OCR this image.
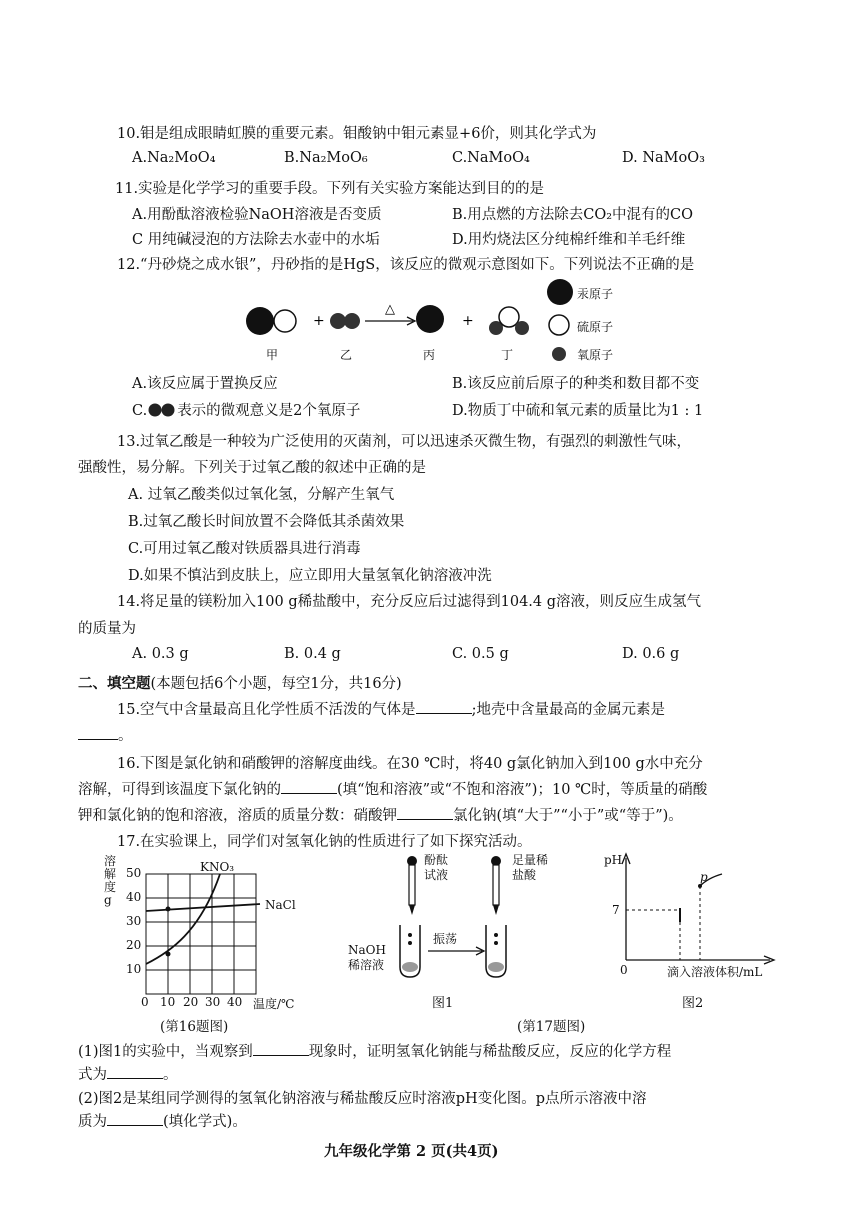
10.钼是组成眼睛虹膜的重要元素。钼酸钠中钼元素显+6价，则其化学式为
A.Na₂MoO₄	B.Na₂MoO₆	C.NaMoO₄	D. NaMoO₃
11.实验是化学学习的重要手段。下列有关实验方案能达到目的的是
A.用酚酞溶液检验NaOH溶液是否变质	B.用点燃的方法除去CO₂中混有的CO
C 用纯碱浸泡的方法除去水壶中的水垢	D.用灼烧法区分纯棉纤维和羊毛纤维
12.“丹砂烧之成水银”，丹砂指的是HgS，该反应的微观示意图如下。下列说法不正确的是
+
△
+
汞原子
硫原子
氧原子
甲	乙	丙	丁
A.该反应属于置换反应	B.该反应前后原子的种类和数目都不变
C. 表示的微观意义是2个氧原子	D.物质丁中硫和氧元素的质量比为1 : 1
13.过氧乙酸是一种较为广泛使用的灭菌剂，可以迅速杀灭微生物，有强烈的刺激性气味，
强酸性，易分解。下列关于过氧乙酸的叙述中正确的是
A. 过氧乙酸类似过氧化氢，分解产生氧气
B.过氧乙酸长时间放置不会降低其杀菌效果
C.可用过氧乙酸对铁质器具进行消毒
D.如果不慎沾到皮肤上，应立即用大量氢氧化钠溶液冲洗
14.将足量的镁粉加入100 g稀盐酸中，充分反应后过滤得到104.4 g溶液，则反应生成氢气
的质量为
A. 0.3 g	B. 0.4 g	C. 0.5 g	D. 0.6 g
二、填空题(本题包括6个小题，每空1分，共16分)
15.空气中含量最高且化学性质不活泼的气体是	;地壳中含量最高的金属元素是
。
16.下图是氯化钠和硝酸钾的溶解度曲线。在30 ℃时，将40 g氯化钠加入到100 g水中充分
溶解，可得到该温度下氯化钠的	(填“饱和溶液”或“不饱和溶液”)；10 ℃时，等质量的硝酸
钾和氯化钠的饱和溶液，溶质的质量分数：硝酸钾	氯化钠(填“大于”“小于”或“等于”)。
17.在实验课上，同学们对氢氧化钠的性质进行了如下探究活动。
溶解度g
50
40
30
20
10
0 10 20 30 40 温度/℃
KNO₃
NaCl
(第16题图)
酚酞试液
足量稀盐酸
NaOH稀溶液
振荡
图1
pH
7
0
p
滴入溶液体积/mL
图2
(第17题图)
(1)图1的实验中，当观察到	现象时，证明氢氧化钠能与稀盐酸反应，反应的化学方程
式为	。
(2)图2是某组同学测得的氢氧化钠溶液与稀盐酸反应时溶液pH变化图。p点所示溶液中溶
质为	(填化学式)。
九年级化学第 2 页(共4页)
